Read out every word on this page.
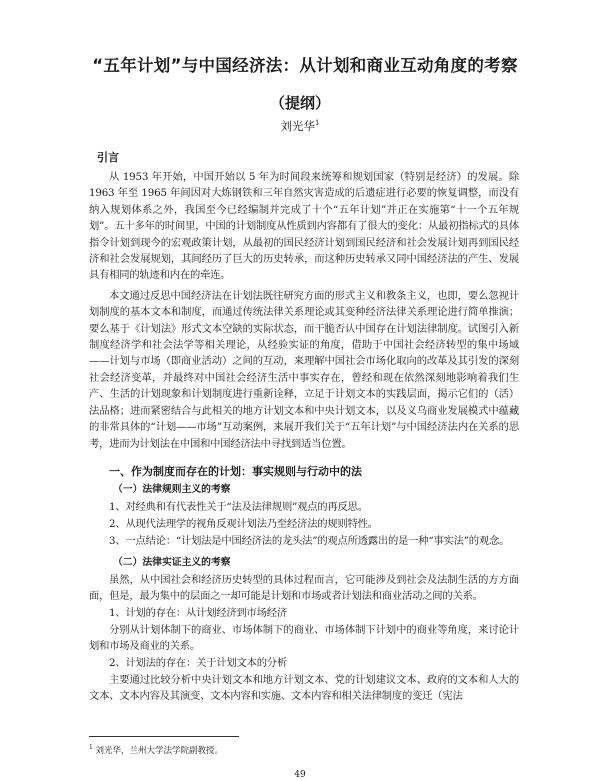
“五年计划”与中国经济法：从计划和商业互动角度的考察
（提纲）
刘光华$^1$
引言

从 1953 年开始，中国开始以 5 年为时间段来统筹和规划国家（特别是经济）的发展。除 1963 年至 1965 年间因对大炼钢铁和三年自然灾害造成的后遗症进行必要的恢复调整，而没有纳入规划体系之外，我国至今已经编制并完成了十个“五年计划”并正在实施第“十一个五年规划”。五十多年的时间里，中国的计划制度从性质到内容都有了很大的变化：从最初指标式的具体指令计划到现今的宏观政策计划，从最初的国民经济计划到国民经济和社会发展计划再到国民经济和社会发展规划，其间经历了巨大的历史转承，而这种历史转承又同中国经济法的产生、发展具有相同的轨迹和内在的牵连。

本文通过反思中国经济法在计划法既往研究方面的形式主义和教条主义，也即，要么忽视计划制度的基本文本和制度，而通过传统法律关系理论或其变种经济法律关系理论进行简单推演；要么基于《计划法》形式文本空缺的实际状态，而干脆否认中国存在计划法律制度。试图引入新制度经济学和社会法学等相关理论，从经验实证的角度，借助于中国社会经济转型的集中场域——计划与市场（即商业活动）之间的互动，来理解中国社会市场化取向的改革及其引发的深刻社会经济变革，并最终对中国社会经济生活中事实存在，曾经和现在依然深刻地影响着我们生产、生活的计划现象和计划制度进行重新诠释，立足于计划文本的实践层面，揭示它们的（活）法品格；进而紧密结合与此相关的地方计划文本和中央计划文本，以及义乌商业发展模式中蕴藏的非常具体的“计划——市场”互动案例，来展开我们关于“五年计划”与中国经济法内在关系的思考，进而为计划法在中国和中国经济法中寻找到适当位置。

一、作为制度而存在的计划：事实规则与行动中的法
（一）法律规则主义的考察
1、对经典和有代表性关于“法及法律规则”观点的再反思。
2、从现代法理学的视角反观计划法乃至经济法的规则特性。
3、一点结论：“计划法是中国经济法的龙头法”的观点所透露出的是一种“事实法”的观念。
（二）法律实证主义的考察
虽然，从中国社会和经济历史转型的具体过程而言，它可能涉及到社会及法制生活的方方面面，但是，最为集中的层面之一却可能是计划和市场或者计划法和商业活动之间的关系。
1、计划的存在：从计划经济到市场经济
分别从计划体制下的商业、市场体制下的商业、市场体制下计划中的商业等角度，来讨论计划和市场及商业的关系。
2、计划法的存在：关于计划文本的分析
主要通过比较分析中央计划文本和地方计划文本、党的计划建议文本、政府的文本和人大的文本、文本内容及其演变、文本内容和实施、文本内容和相关法律制度的变迁（宪法
$^1$ 刘光华，兰州大学法学院副教授。
49
